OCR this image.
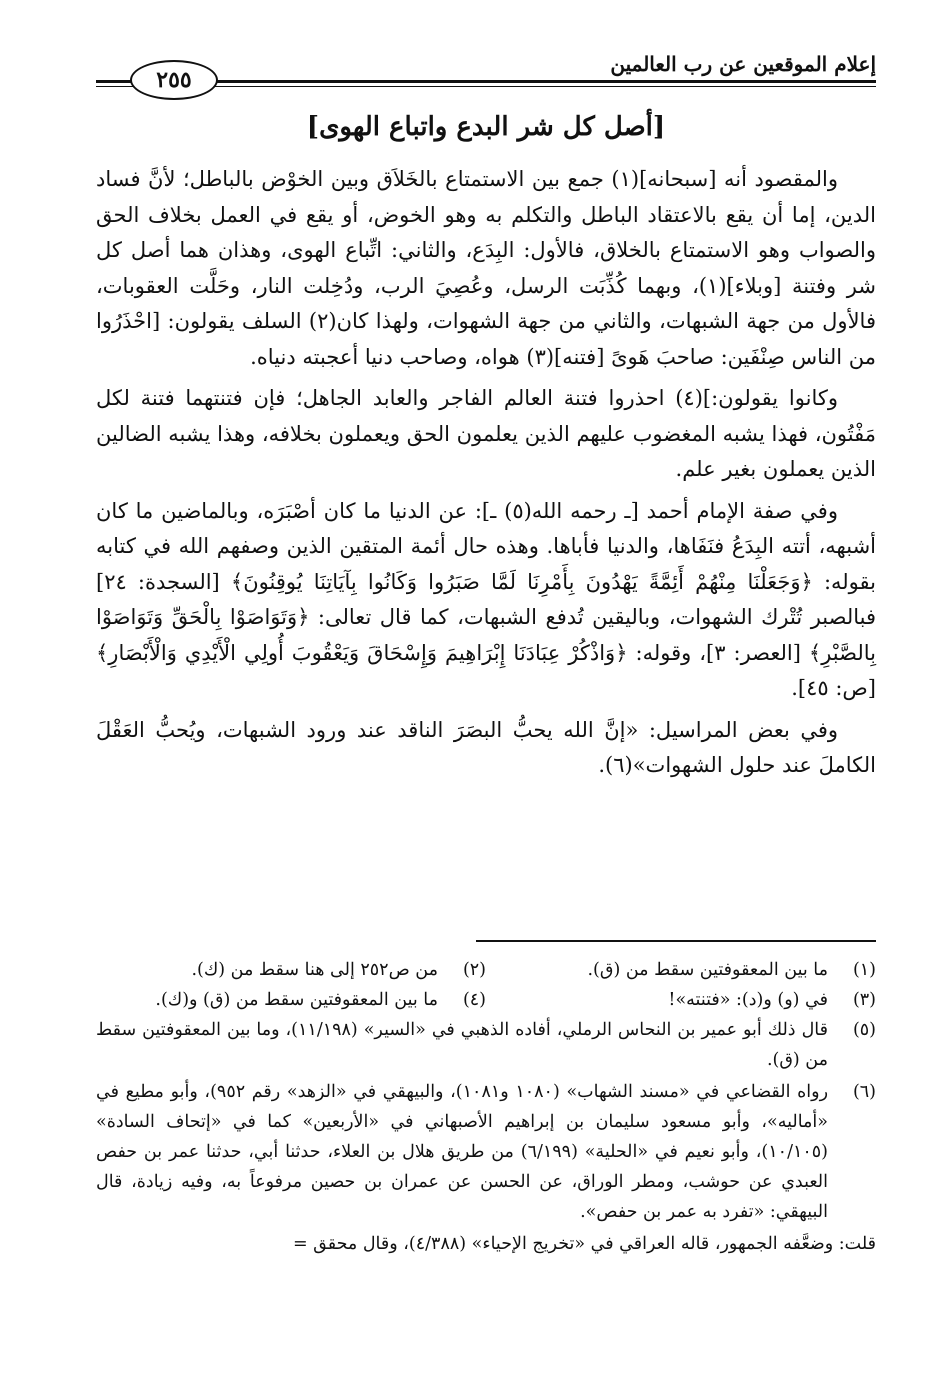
إعلام الموقعين عن رب العالمين
٢٥٥
[أصل كل شر البدع واتباع الهوى]

والمقصود أنه [سبحانه](١) جمع بين الاستمتاع بالخَلاَق وبين الخوْض بالباطل؛ لأنَّ فساد الدين، إما أن يقع بالاعتقاد الباطل والتكلم به وهو الخوض، أو يقع في العمل بخلاف الحق والصواب وهو الاستمتاع بالخلاق، فالأول: البِدَع، والثاني: اتِّباع الهوى، وهذان هما أصل كل شر وفتنة [وبلاء](١)، وبهما كُذِّبَت الرسل، وعُصِيَ الرب، ودُخِلت النار، وحَلَّت العقوبات، فالأول من جهة الشبهات، والثاني من جهة الشهوات، ولهذا كان(٢) السلف يقولون: [احْذَرُوا من الناس صِنْفَين: صاحبَ هَوىً [فتنه](٣) هواه، وصاحب دنيا أعجبته دنياه.

وكانوا يقولون:](٤) احذروا فتنة العالم الفاجر والعابد الجاهل؛ فإن فتنتهما فتنة لكل مَفْتُون، فهذا يشبه المغضوب عليهم الذين يعلمون الحق ويعملون بخلافه، وهذا يشبه الضالين الذين يعملون بغير علم.

وفي صفة الإمام أحمد [ـ رحمه الله(٥) ـ]: عن الدنيا ما كان أصْبَرَه، وبالماضين ما كان أشبهه، أتته البِدَعُ فنَفَاها، والدنيا فأباها. وهذه حال أئمة المتقين الذين وصفهم الله في كتابه بقوله: ﴿وَجَعَلْنَا مِنْهُمْ أَئِمَّةً يَهْدُونَ بِأَمْرِنَا لَمَّا صَبَرُوا وَكَانُوا بِآيَاتِنَا يُوقِنُونَ﴾ [السجدة: ٢٤] فبالصبر تُتْرك الشهوات، وباليقين تُدفع الشبهات، كما قال تعالى: ﴿وَتَوَاصَوْا بِالْحَقِّ وَتَوَاصَوْا بِالصَّبْرِ﴾ [العصر: ٣]، وقوله: ﴿وَاذْكُرْ عِبَادَنَا إِبْرَاهِيمَ وَإِسْحَاقَ وَيَعْقُوبَ أُولِي الْأَيْدِي وَالْأَبْصَارِ﴾ [ص: ٤٥].

وفي بعض المراسيل: «إنَّ الله يحبُّ البصَرَ الناقد عند ورود الشبهات، ويُحبُّ العَقْلَ الكاملَ عند حلول الشهوات»(٦).

(١)
ما بين المعقوفتين سقط من (ق).
(٢)
من ص٢٥٢ إلى هنا سقط من (ك).
(٣)
في (و) و(د): «فتنته»!
(٤)
ما بين المعقوفتين سقط من (ق) و(ك).
(٥)
قال ذلك أبو عمير بن النحاس الرملي، أفاده الذهبي في «السير» (١١/١٩٨)، وما بين المعقوفتين سقط من (ق).
(٦)
رواه القضاعي في «مسند الشهاب» (١٠٨٠ و١٠٨١)، والبيهقي في «الزهد» رقم ٩٥٢)، وأبو مطيع في «أماليه»، وأبو مسعود سليمان بن إبراهيم الأصبهاني في «الأربعين» كما في «إتحاف السادة» (١٠/١٠٥)، وأبو نعيم في «الحلية» (٦/١٩٩) من طريق هلال بن العلاء، حدثنا أبي، حدثنا عمر بن حفص العبدي عن حوشب، ومطر الوراق، عن الحسن عن عمران بن حصين مرفوعاً به، وفيه زيادة، قال البيهقي: «تفرد به عمر بن حفص».
قلت: وضعَّفه الجمهور، قاله العراقي في «تخريج الإحياء» (٤/٣٨٨)، وقال محقق =
